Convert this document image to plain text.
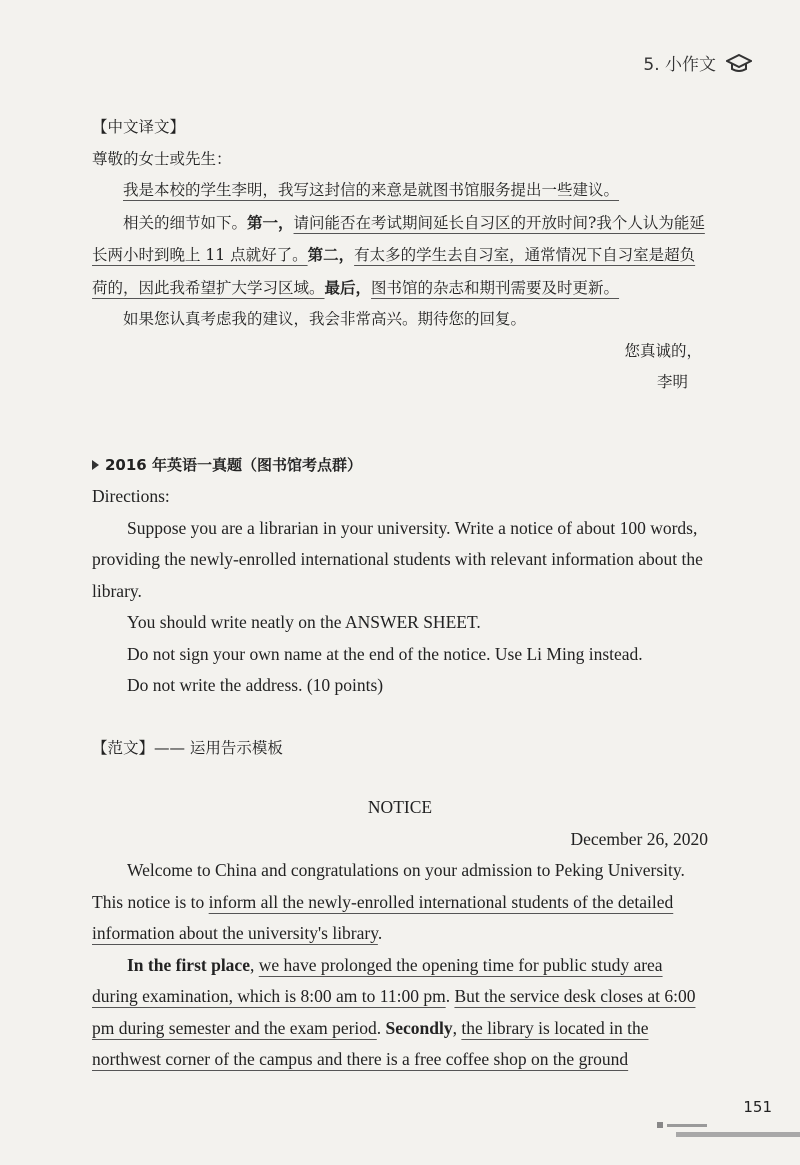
5. 小作文

【中文译文】

尊敬的女士或先生：

我是本校的学生李明，我写这封信的来意是就图书馆服务提出一些建议。

相关的细节如下。第一，请问能否在考试期间延长自习区的开放时间?我个人认为能延长两小时到晚上 11 点就好了。第二，有太多的学生去自习室，通常情况下自习室是超负荷的，因此我希望扩大学习区域。最后，图书馆的杂志和期刊需要及时更新。

如果您认真考虑我的建议，我会非常高兴。期待您的回复。

您真诚的，

李明

2016 年英语一真题（图书馆考点群）

Directions:

Suppose you are a librarian in your university. Write a notice of about 100 words, providing the newly-enrolled international students with relevant information about the library.

You should write neatly on the ANSWER SHEET.

Do not sign your own name at the end of the notice. Use Li Ming instead.

Do not write the address. (10 points)

【范文】—— 运用告示模板

NOTICE

December 26, 2020

Welcome to China and congratulations on your admission to Peking University. This notice is to inform all the newly-enrolled international students of the detailed information about the university's library.

In the first place, we have prolonged the opening time for public study area during examination, which is 8:00 am to 11:00 pm. But the service desk closes at 6:00 pm during semester and the exam period. Secondly, the library is located in the northwest corner of the campus and there is a free coffee shop on the ground

151
